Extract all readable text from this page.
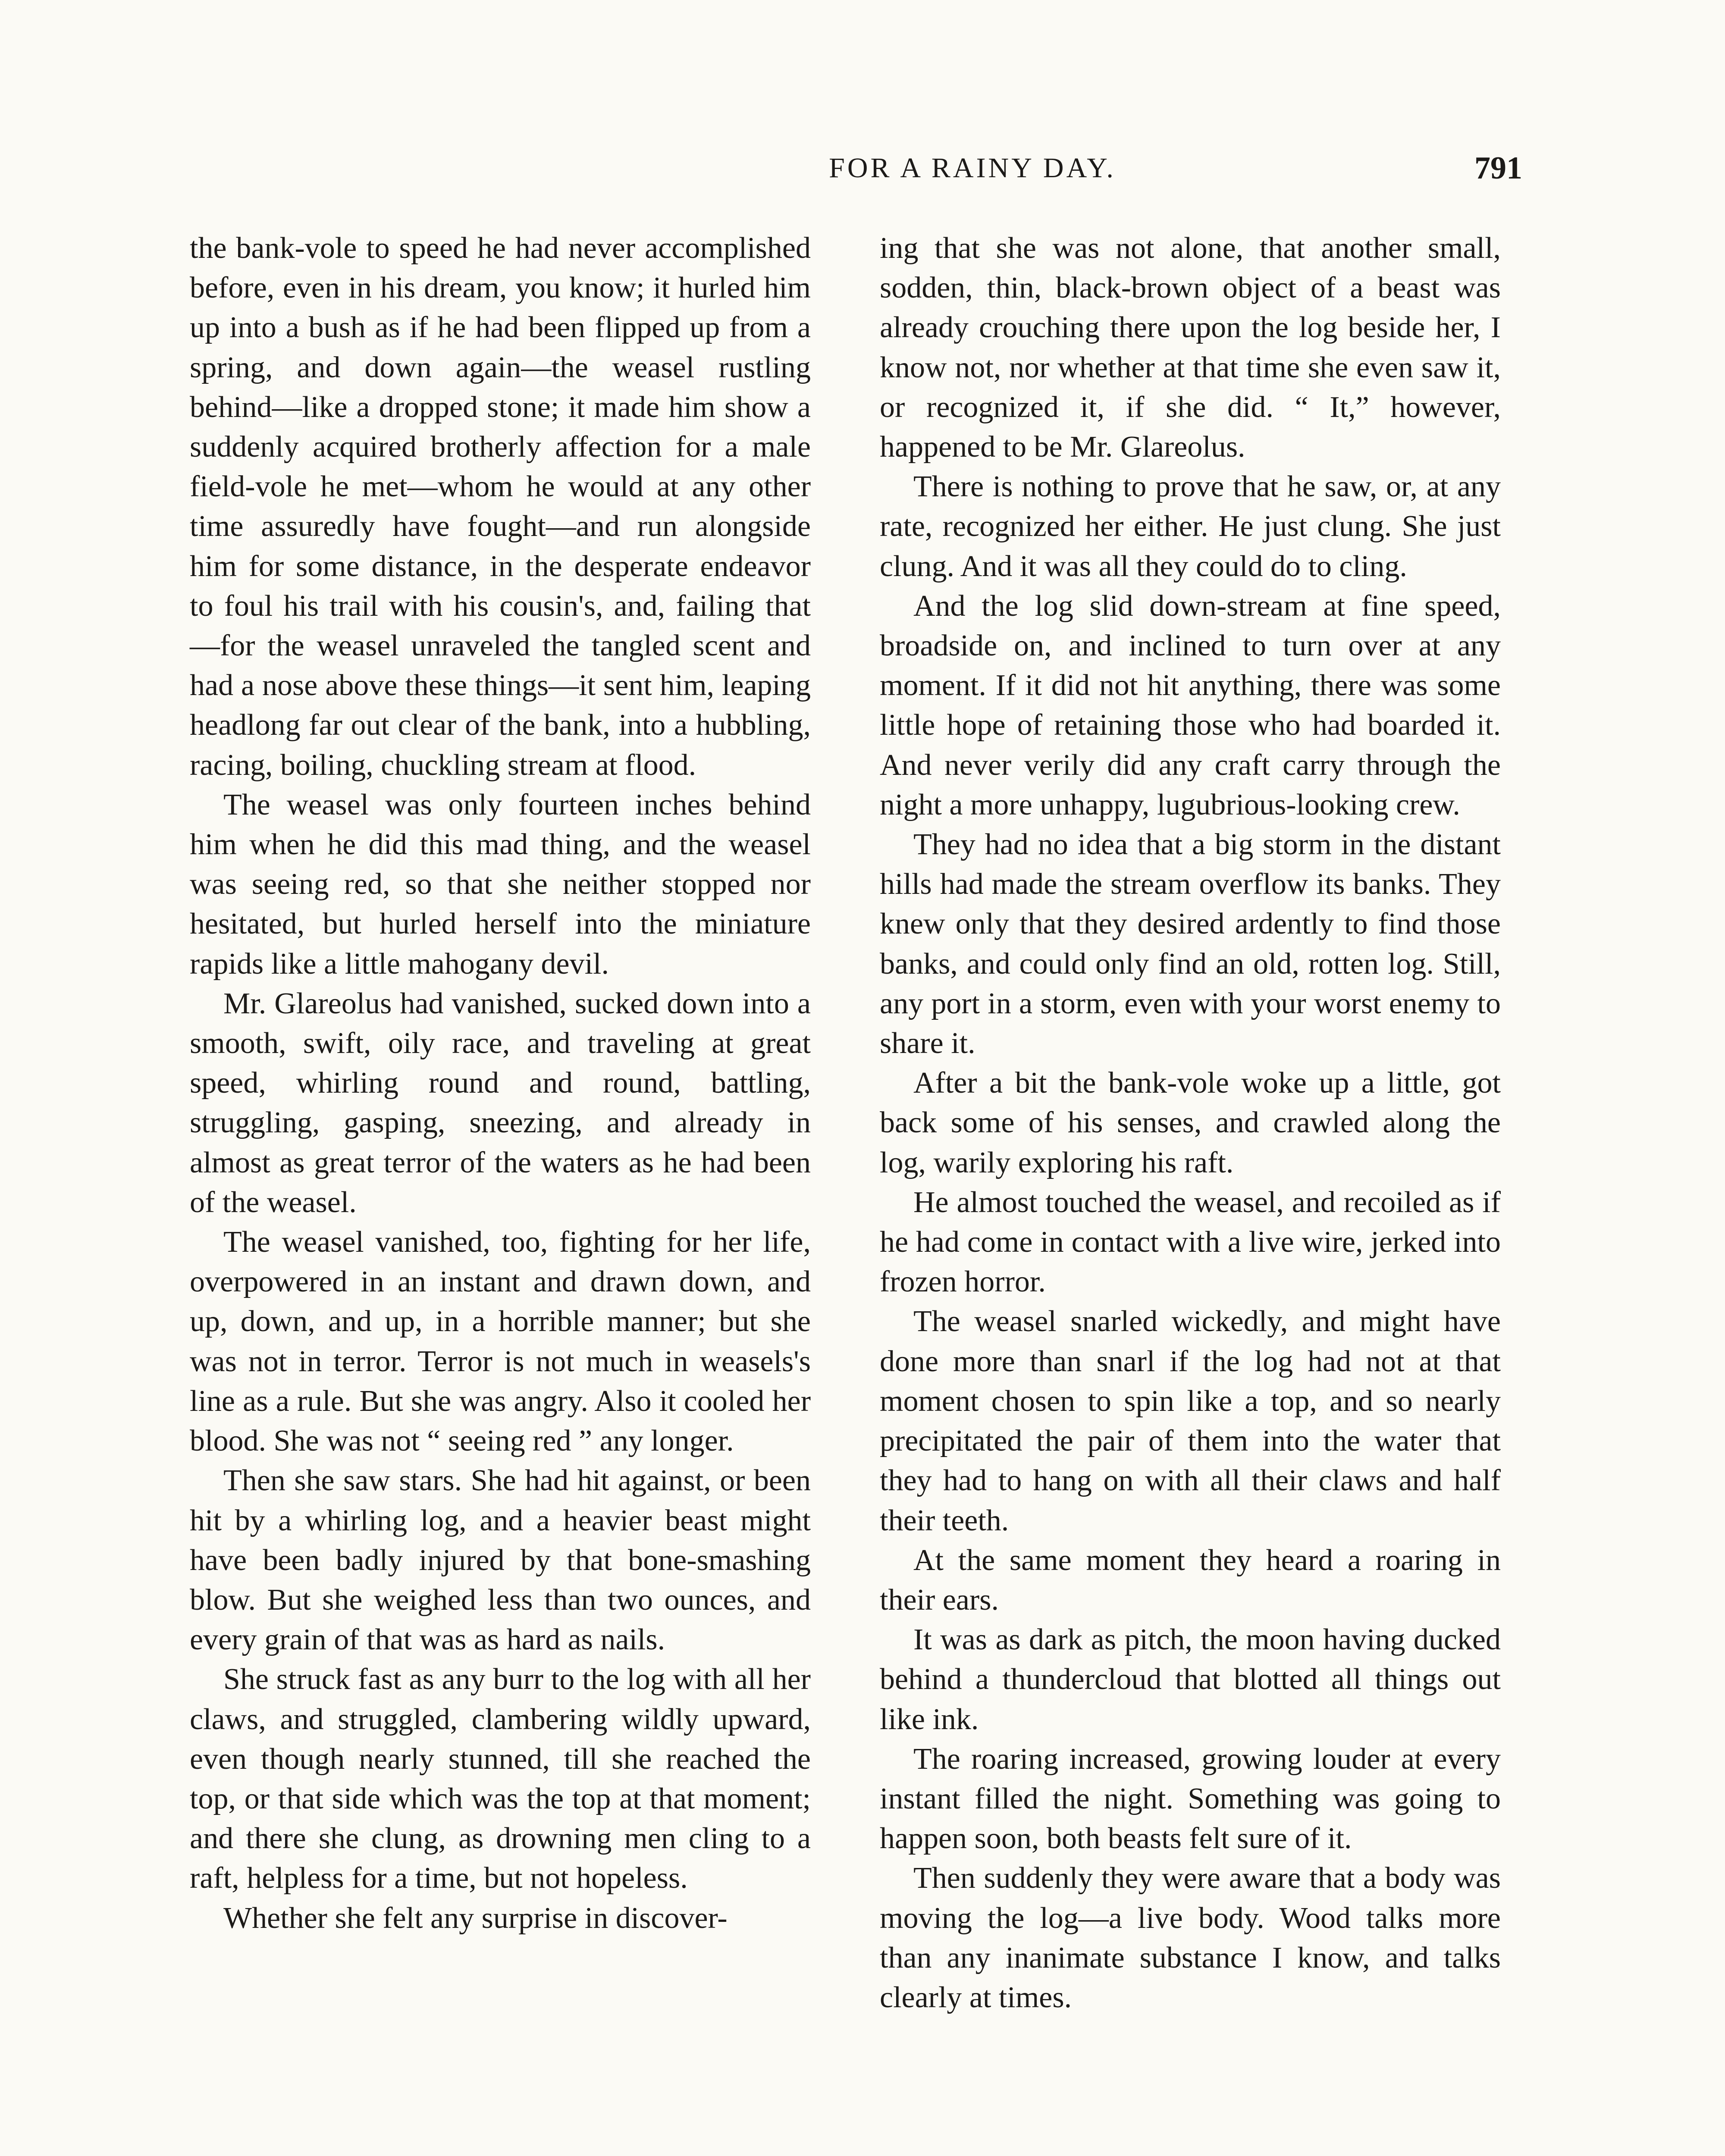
FOR A RAINY DAY.	791

the bank-vole to speed he had never accomplished before, even in his dream, you know; it hurled him up into a bush as if he had been flipped up from a spring, and down again—the weasel rustling behind—like a dropped stone; it made him show a suddenly acquired brotherly affection for a male field-vole he met—whom he would at any other time assuredly have fought—and run alongside him for some distance, in the desperate endeavor to foul his trail with his cousin's, and, failing that—for the weasel unraveled the tangled scent and had a nose above these things—it sent him, leaping headlong far out clear of the bank, into a hubbling, racing, boiling, chuckling stream at flood.

The weasel was only fourteen inches behind him when he did this mad thing, and the weasel was seeing red, so that she neither stopped nor hesitated, but hurled herself into the miniature rapids like a little mahogany devil.

Mr. Glareolus had vanished, sucked down into a smooth, swift, oily race, and traveling at great speed, whirling round and round, battling, struggling, gasping, sneezing, and already in almost as great terror of the waters as he had been of the weasel.

The weasel vanished, too, fighting for her life, overpowered in an instant and drawn down, and up, down, and up, in a horrible manner; but she was not in terror. Terror is not much in weasels's line as a rule. But she was angry. Also it cooled her blood. She was not “ seeing red ” any longer.

Then she saw stars. She had hit against, or been hit by a whirling log, and a heavier beast might have been badly injured by that bone-smashing blow. But she weighed less than two ounces, and every grain of that was as hard as nails.

She struck fast as any burr to the log with all her claws, and struggled, clambering wildly upward, even though nearly stunned, till she reached the top, or that side which was the top at that moment; and there she clung, as drowning men cling to a raft, helpless for a time, but not hopeless.

Whether she felt any surprise in discover-

ing that she was not alone, that another small, sodden, thin, black-brown object of a beast was already crouching there upon the log beside her, I know not, nor whether at that time she even saw it, or recognized it, if she did. “ It,” however, happened to be Mr. Glareolus.

There is nothing to prove that he saw, or, at any rate, recognized her either. He just clung. She just clung. And it was all they could do to cling.

And the log slid down-stream at fine speed, broadside on, and inclined to turn over at any moment. If it did not hit anything, there was some little hope of retaining those who had boarded it. And never verily did any craft carry through the night a more unhappy, lugubrious-looking crew.

They had no idea that a big storm in the distant hills had made the stream overflow its banks. They knew only that they desired ardently to find those banks, and could only find an old, rotten log. Still, any port in a storm, even with your worst enemy to share it.

After a bit the bank-vole woke up a little, got back some of his senses, and crawled along the log, warily exploring his raft.

He almost touched the weasel, and recoiled as if he had come in contact with a live wire, jerked into frozen horror.

The weasel snarled wickedly, and might have done more than snarl if the log had not at that moment chosen to spin like a top, and so nearly precipitated the pair of them into the water that they had to hang on with all their claws and half their teeth.

At the same moment they heard a roaring in their ears.

It was as dark as pitch, the moon having ducked behind a thundercloud that blotted all things out like ink.

The roaring increased, growing louder at every instant filled the night. Something was going to happen soon, both beasts felt sure of it.

Then suddenly they were aware that a body was moving the log—a live body. Wood talks more than any inanimate substance I know, and talks clearly at times.
